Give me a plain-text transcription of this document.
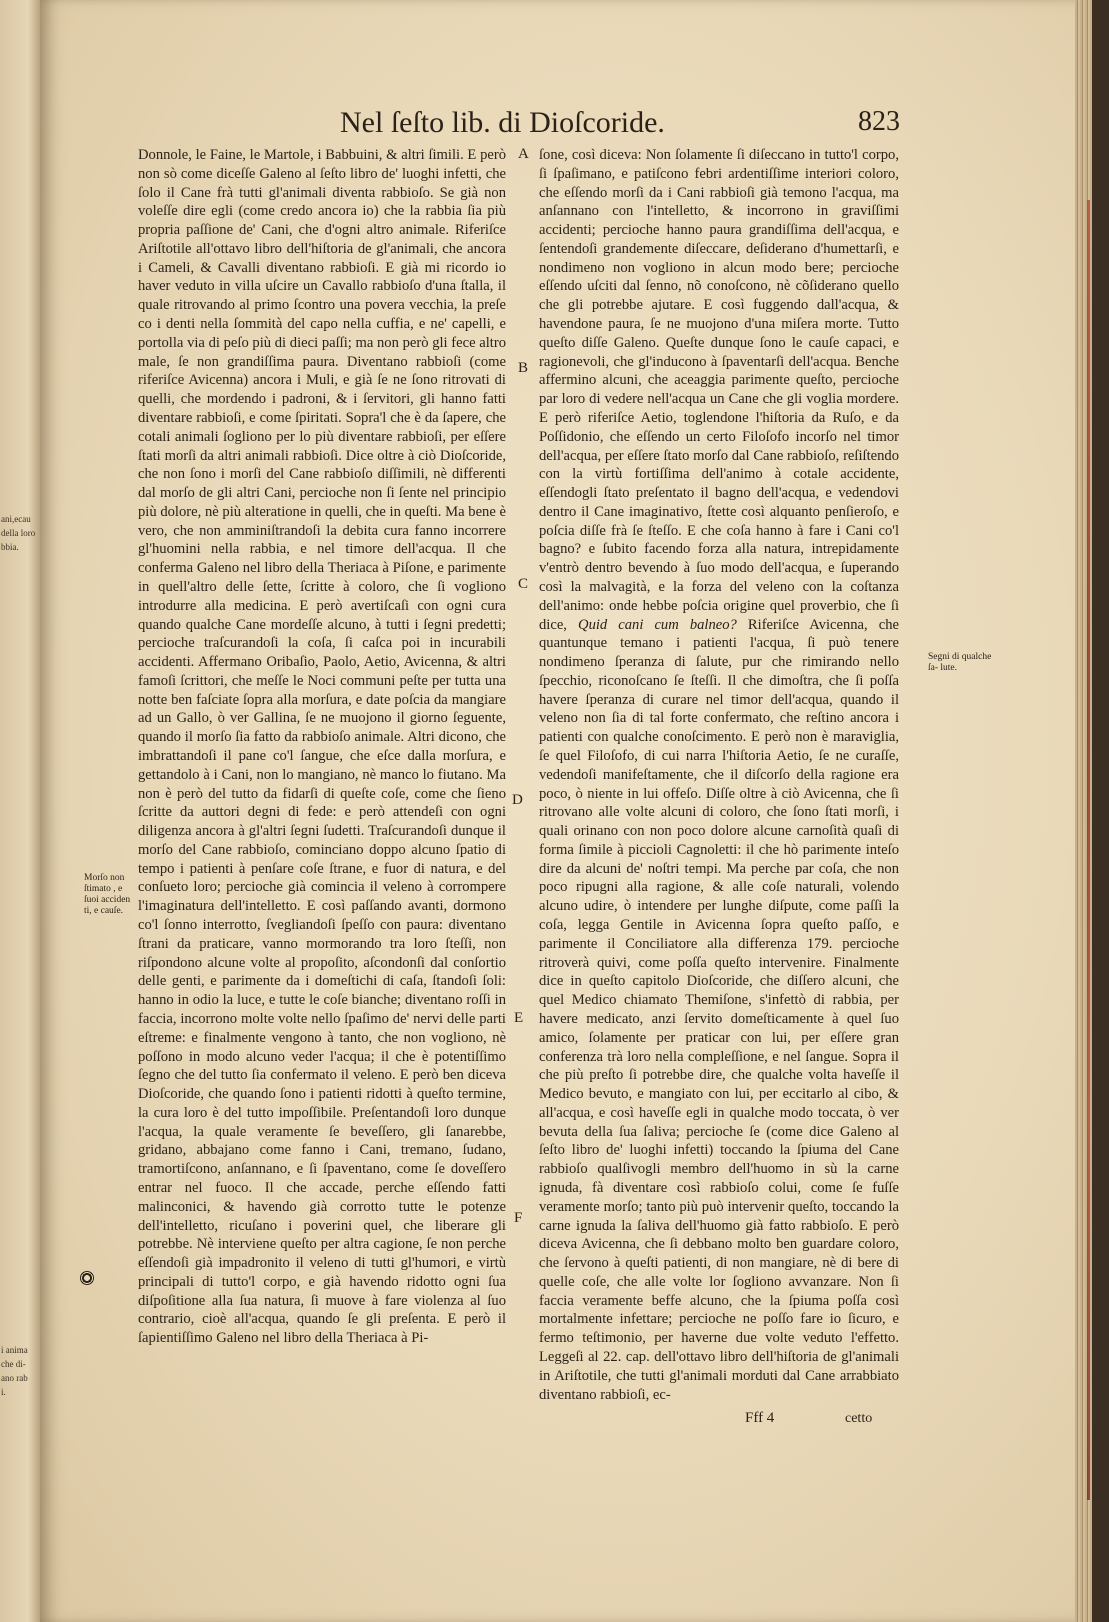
ani,ecau
della loro
bbia.
i anima
che di-
ano rab
i.
Nel ſeſto lib. di Dioſcoride.	823

Donnole, le Faine, le Martole, i Babbuini, & altri ſimili. E però non sò come diceſſe Galeno al ſeſto libro de' luoghi infetti, che ſolo il Cane frà tutti gl'animali diventa rabbioſo. Se già non voleſſe dire egli (come credo ancora io) che la rabbia ſia più propria paſſione de' Cani, che d'ogni altro animale. Riferiſce Ariſtotile all'ottavo libro dell'hiſtoria de gl'animali, che ancora i Cameli, & Cavalli diventano rabbioſi. E già mi ricordo io haver veduto in villa uſcire un Cavallo rabbioſo d'una ſtalla, il quale ritrovando al primo ſcontro una povera vecchia, la preſe co i denti nella ſommità del capo nella cuffia, e ne' capelli, e portolla via di peſo più di dieci paſſi; ma non però gli fece altro male, ſe non grandiſſima paura. Diventano rabbioſi (come riferiſce Avicenna) ancora i Muli, e già ſe ne ſono ritrovati di quelli, che mordendo i padroni, & i ſervitori, gli hanno fatti diventare rabbioſi, e come ſpiritati. Sopra'l che è da ſapere, che cotali animali ſogliono per lo più diventare rabbioſi, per eſſere ſtati morſi da altri animali rabbioſi. Dice oltre à ciò Dioſcoride, che non ſono i morſi del Cane rabbioſo diſſimili, nè differenti dal morſo de gli altri Cani, percioche non ſi ſente nel principio più dolore, nè più alteratione in quelli, che in queſti. Ma bene è vero, che non amminiſtrandoſi la debita cura fanno incorrere gl'huomini nella rabbia, e nel timore dell'acqua. Il che conferma Galeno nel libro della Theriaca à Piſone, e parimente in quell'altro delle ſette, ſcritte à coloro, che ſi vogliono introdurre alla medicina. E però avertiſcaſi con ogni cura quando qualche Cane mordeſſe alcuno, à tutti i ſegni predetti; percioche traſcurandoſi la coſa, ſi caſca poi in incurabili accidenti. Affermano Oribaſio, Paolo, Aetio, Avicenna, & altri famoſi ſcrittori, che meſſe le Noci communi peſte per tutta una notte ben faſciate ſopra alla morſura, e date poſcia da mangiare ad un Gallo, ò ver Gallina, ſe ne muojono il giorno ſeguente, quando il morſo ſia fatto da rabbioſo animale. Altri dicono, che imbrattandoſi il pane co'l ſangue, che eſce dalla morſura, e gettandolo à i Cani, non lo mangiano, nè manco lo fiutano. Ma non è però del tutto da fidarſi di queſte coſe, come che ſieno ſcritte da auttori degni di fede: e però attendeſi con ogni diligenza ancora à gl'altri ſegni ſudetti. Traſcurandoſi dunque il morſo del Cane rabbioſo, cominciano doppo alcuno ſpatio di tempo i patienti à penſare coſe ſtrane, e fuor di natura, e del conſueto loro; percioche già comincia il veleno à corrompere l'imaginatura dell'intelletto. E così paſſando avanti, dormono co'l ſonno interrotto, ſvegliandoſi ſpeſſo con paura: diventano ſtrani da praticare, vanno mormorando tra loro ſteſſi, non riſpondono alcune volte al propoſito, aſcondonſi dal conſortio delle genti, e parimente da i domeſtichi di caſa, ſtandoſi ſoli: hanno in odio la luce, e tutte le coſe bianche; diventano roſſi in faccia, incorrono molte volte nello ſpaſimo de' nervi delle parti eſtreme: e finalmente vengono à tanto, che non vogliono, nè poſſono in modo alcuno veder l'acqua; il che è potentiſſimo ſegno che del tutto ſia confermato il veleno. E però ben diceva Dioſcoride, che quando ſono i patienti ridotti à queſto termine, la cura loro è del tutto impoſſibile. Preſentandoſi loro dunque l'acqua, la quale veramente ſe beveſſero, gli ſanarebbe, gridano, abbajano come fanno i Cani, tremano, ſudano, tramortiſcono, anſannano, e ſi ſpaventano, come ſe doveſſero entrar nel fuoco. Il che accade, perche eſſendo fatti malinconici, & havendo già corrotto tutte le potenze dell'intelletto, ricuſano i poverini quel, che liberare gli potrebbe. Nè interviene queſto per altra cagione, ſe non perche eſſendoſi già impadronito il veleno di tutti gl'humori, e virtù principali di tutto'l corpo, e già havendo ridotto ogni ſua diſpoſitione alla ſua natura, ſi muove à fare violenza al ſuo contrario, cioè all'acqua, quando ſe gli preſenta. E però il ſapientiſſimo Galeno nel libro della Theriaca à Pi-

ſone, così diceva: Non ſolamente ſi diſeccano in tutto'l corpo, ſi ſpaſimano, e patiſcono febri ardentiſſime interiori coloro, che eſſendo morſi da i Cani rabbioſi già temono l'acqua, ma anſannano con l'intelletto, & incorrono in graviſſimi accidenti; percioche hanno paura grandiſſima dell'acqua, e ſentendoſi grandemente diſeccare, deſiderano d'humettarſi, e nondimeno non vogliono in alcun modo bere; percioche eſſendo uſciti dal ſenno, nõ conoſcono, nè cõſiderano quello che gli potrebbe ajutare. E così fuggendo dall'acqua, & havendone paura, ſe ne muojono d'una miſera morte. Tutto queſto diſſe Galeno. Queſte dunque ſono le cauſe capaci, e ragionevoli, che gl'inducono à ſpaventarſi dell'acqua. Benche affermino alcuni, che aceaggia parimente queſto, percioche par loro di vedere nell'acqua un Cane che gli voglia mordere. E però riferiſce Aetio, toglendone l'hiſtoria da Ruſo, e da Poſſidonio, che eſſendo un certo Filoſofo incorſo nel timor dell'acqua, per eſſere ſtato morſo dal Cane rabbioſo, reſiſtendo con la virtù fortiſſima dell'animo à cotale accidente, eſſendogli ſtato preſentato il bagno dell'acqua, e vedendovi dentro il Cane imaginativo, ſtette così alquanto penſieroſo, e poſcia diſſe frà ſe ſteſſo. E che coſa hanno à fare i Cani co'l bagno? e ſubito facendo forza alla natura, intrepidamente v'entrò dentro bevendo à ſuo modo dell'acqua, e ſuperando così la malvagità, e la forza del veleno con la coſtanza dell'animo: onde hebbe poſcia origine quel proverbio, che ſi dice, Quid cani cum balneo? Riferiſce Avicenna, che quantunque temano i patienti l'acqua, ſi può tenere nondimeno ſperanza di ſalute, pur che rimirando nello ſpecchio, riconoſcano ſe ſteſſi. Il che dimoſtra, che ſi poſſa havere ſperanza di curare nel timor dell'acqua, quando il veleno non ſia di tal forte confermato, che reſtino ancora i patienti con qualche conoſcimento. E però non è maraviglia, ſe quel Filoſofo, di cui narra l'hiſtoria Aetio, ſe ne curaſſe, vedendoſi manifeſtamente, che il diſcorſo della ragione era poco, ò niente in lui offeſo. Diſſe oltre à ciò Avicenna, che ſi ritrovano alle volte alcuni di coloro, che ſono ſtati morſi, i quali orinano con non poco dolore alcune carnoſità quaſi di forma ſimile à piccioli Cagnoletti: il che hò parimente inteſo dire da alcuni de' noſtri tempi. Ma perche par coſa, che non poco ripugni alla ragione, & alle coſe naturali, volendo alcuno udire, ò intendere per lunghe diſpute, come paſſi la coſa, legga Gentile in Avicenna ſopra queſto paſſo, e parimente il Conciliatore alla differenza 179. percioche ritroverà quivi, come poſſa queſto intervenire. Finalmente dice in queſto capitolo Dioſcoride, che diſſero alcuni, che quel Medico chiamato Themiſone, s'infettò di rabbia, per havere medicato, anzi ſervito domeſticamente à quel ſuo amico, ſolamente per praticar con lui, per eſſere gran conferenza trà loro nella compleſſione, e nel ſangue. Sopra il che più preſto ſi potrebbe dire, che qualche volta haveſſe il Medico bevuto, e mangiato con lui, per eccitarlo al cibo, & all'acqua, e così haveſſe egli in qualche modo toccata, ò ver bevuta della ſua ſaliva; percioche ſe (come dice Galeno al ſeſto libro de' luoghi infetti) toccando la ſpiuma del Cane rabbioſo qualſivogli membro dell'huomo in sù la carne ignuda, fà diventare così rabbioſo colui, come ſe fuſſe veramente morſo; tanto più può intervenir queſto, toccando la carne ignuda la ſaliva dell'huomo già fatto rabbioſo. E però diceva Avicenna, che ſi debbano molto ben guardare coloro, che ſervono à queſti patienti, di non mangiare, nè di bere di quelle coſe, che alle volte lor ſogliono avvanzare. Non ſi faccia veramente beffe alcuno, che la ſpiuma poſſa così mortalmente infettare; percioche ne poſſo fare io ſicuro, e fermo teſtimonio, per haverne due volte veduto l'effetto. Leggeſi al 22. cap. dell'ottavo libro dell'hiſtoria de gl'animali in Ariſtotile, che tutti gl'animali morduti dal Cane arrabbiato diventano rabbioſi, ec-

A
B
C
D
E
F
Morſo non ſtimato , e ſuoi acciden ti, e cauſe.
Segni di qualche ſa- lute.
Fff 4	cetto
